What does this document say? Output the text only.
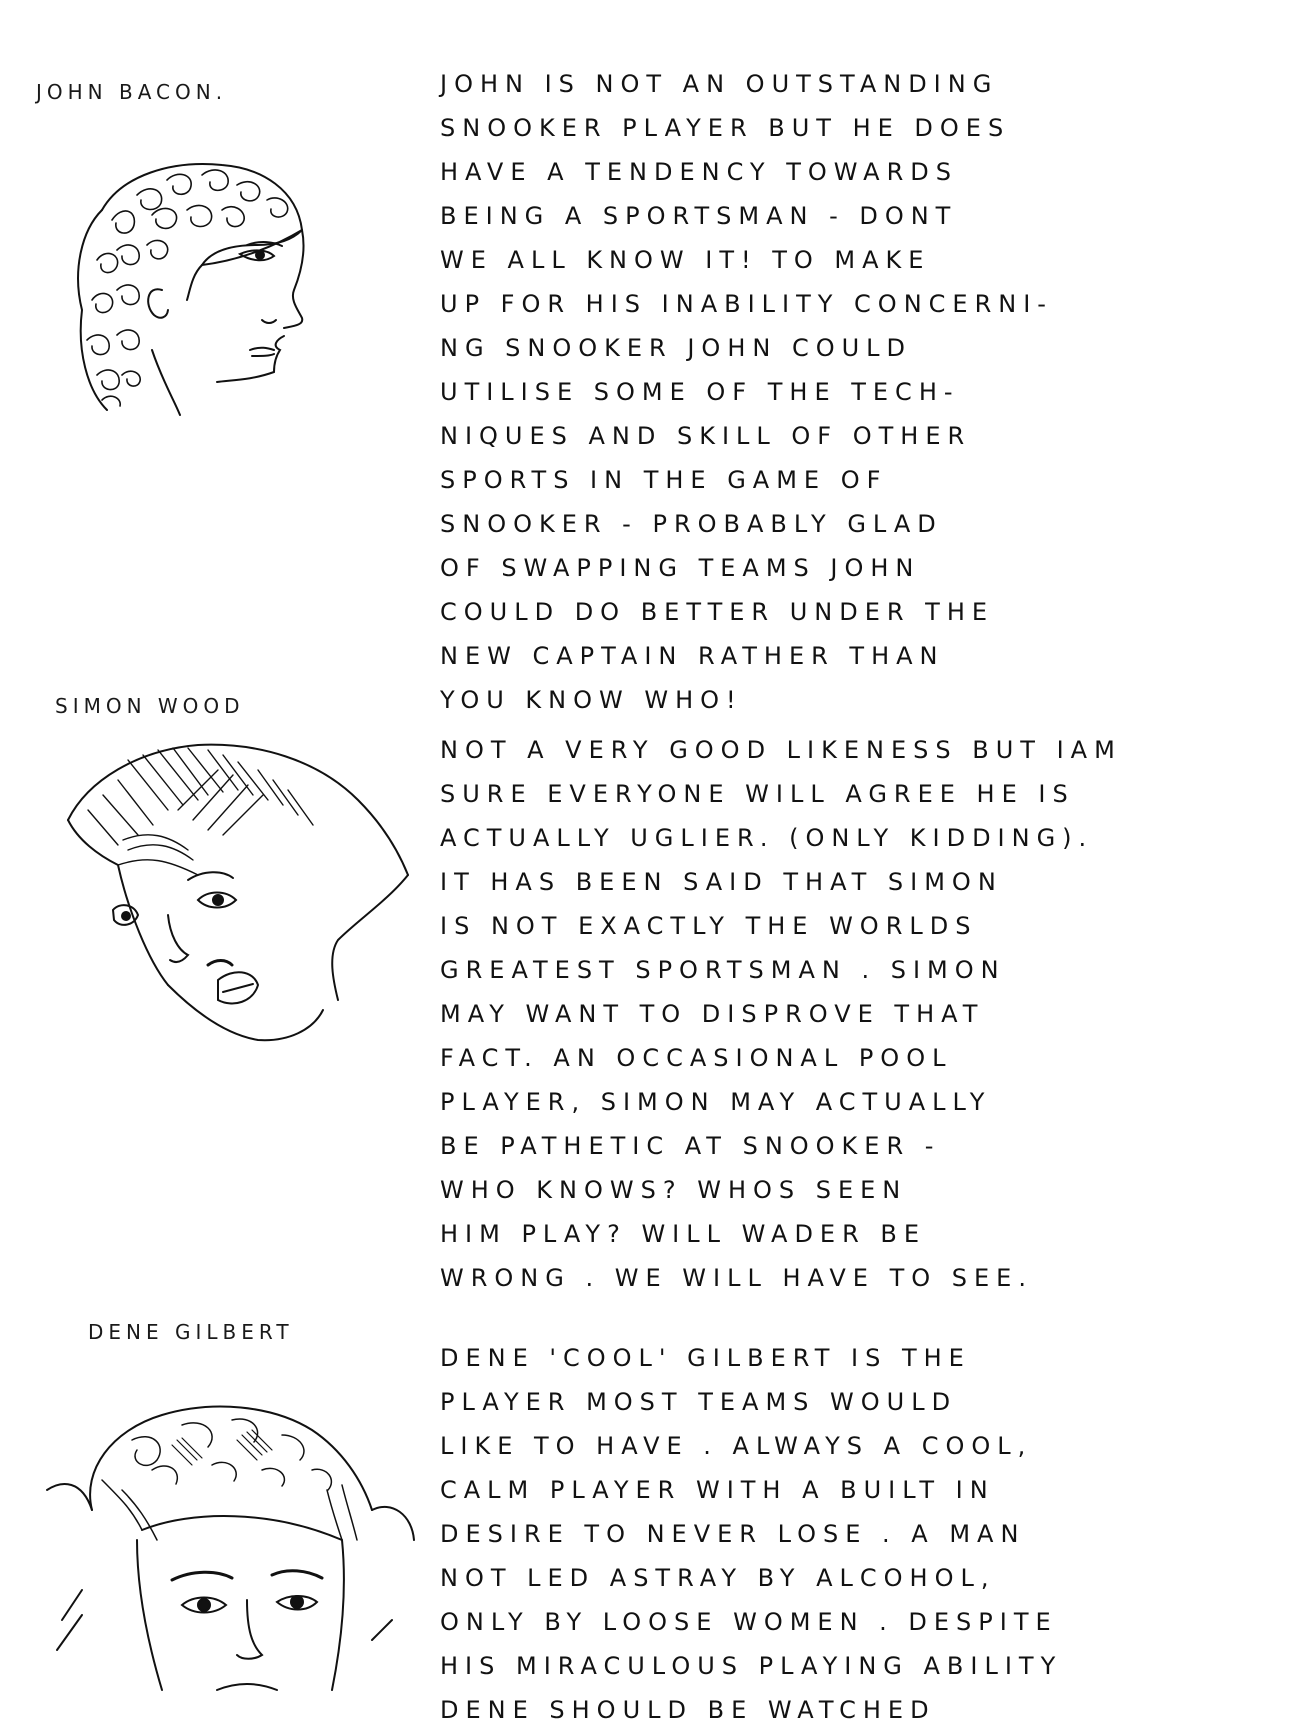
JOHN BACON.	JOHN IS NOT AN OUTSTANDING
SNOOKER PLAYER BUT HE DOES
HAVE A TENDENCY TOWARDS
BEING A SPORTSMAN - DONT
WE ALL KNOW IT! TO MAKE
UP FOR HIS INABILITY CONCERNI-
NG SNOOKER JOHN COULD
UTILISE SOME OF THE TECH-
NIQUES AND SKILL OF OTHER
SPORTS IN THE GAME OF
SNOOKER - PROBABLY GLAD
OF SWAPPING TEAMS JOHN
COULD DO BETTER UNDER THE
NEW CAPTAIN RATHER THAN
YOU KNOW WHO!
SIMON WOOD
NOT A VERY GOOD LIKENESS BUT IAM
SURE EVERYONE WILL AGREE HE IS
ACTUALLY UGLIER. (ONLY KIDDING).
IT HAS BEEN SAID THAT SIMON
IS NOT EXACTLY THE WORLDS
GREATEST SPORTSMAN . SIMON
MAY WANT TO DISPROVE THAT
FACT. AN OCCASIONAL POOL
PLAYER, SIMON MAY ACTUALLY
BE PATHETIC AT SNOOKER -
WHO KNOWS? WHOS SEEN
HIM PLAY? WILL WADER BE
WRONG . WE WILL HAVE TO SEE.
DENE GILBERT
DENE 'COOL' GILBERT IS THE
PLAYER MOST TEAMS WOULD
LIKE TO HAVE . ALWAYS A COOL,
CALM PLAYER WITH A BUILT IN
DESIRE TO NEVER LOSE . A MAN
NOT LED ASTRAY BY ALCOHOL,
ONLY BY LOOSE WOMEN . DESPITE
HIS MIRACULOUS PLAYING ABILITY
DENE SHOULD BE WATCHED
